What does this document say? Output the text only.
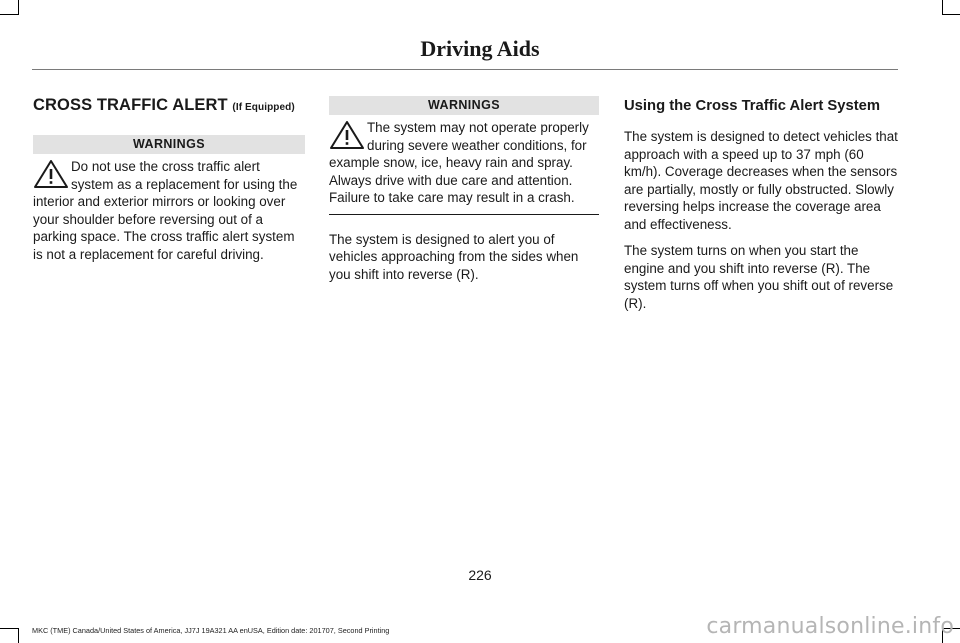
Driving Aids
CROSS TRAFFIC ALERT (If Equipped)
WARNINGS
Do not use the cross traffic alert system as a replacement for using the interior and exterior mirrors or looking over your shoulder before reversing out of a parking space. The cross traffic alert system is not a replacement for careful driving.
WARNINGS
The system may not operate properly during severe weather conditions, for example snow, ice, heavy rain and spray. Always drive with due care and attention. Failure to take care may result in a crash.
The system is designed to alert you of vehicles approaching from the sides when you shift into reverse (R).
Using the Cross Traffic Alert System
The system is designed to detect vehicles that approach with a speed up to 37 mph (60 km/h). Coverage decreases when the sensors are partially, mostly or fully obstructed. Slowly reversing helps increase the coverage area and effectiveness.
The system turns on when you start the engine and you shift into reverse (R). The system turns off when you shift out of reverse (R).
226
MKC (TME) Canada/United States of America, JJ7J 19A321 AA enUSA, Edition date: 201707, Second Printing	carmanualsonline.info
